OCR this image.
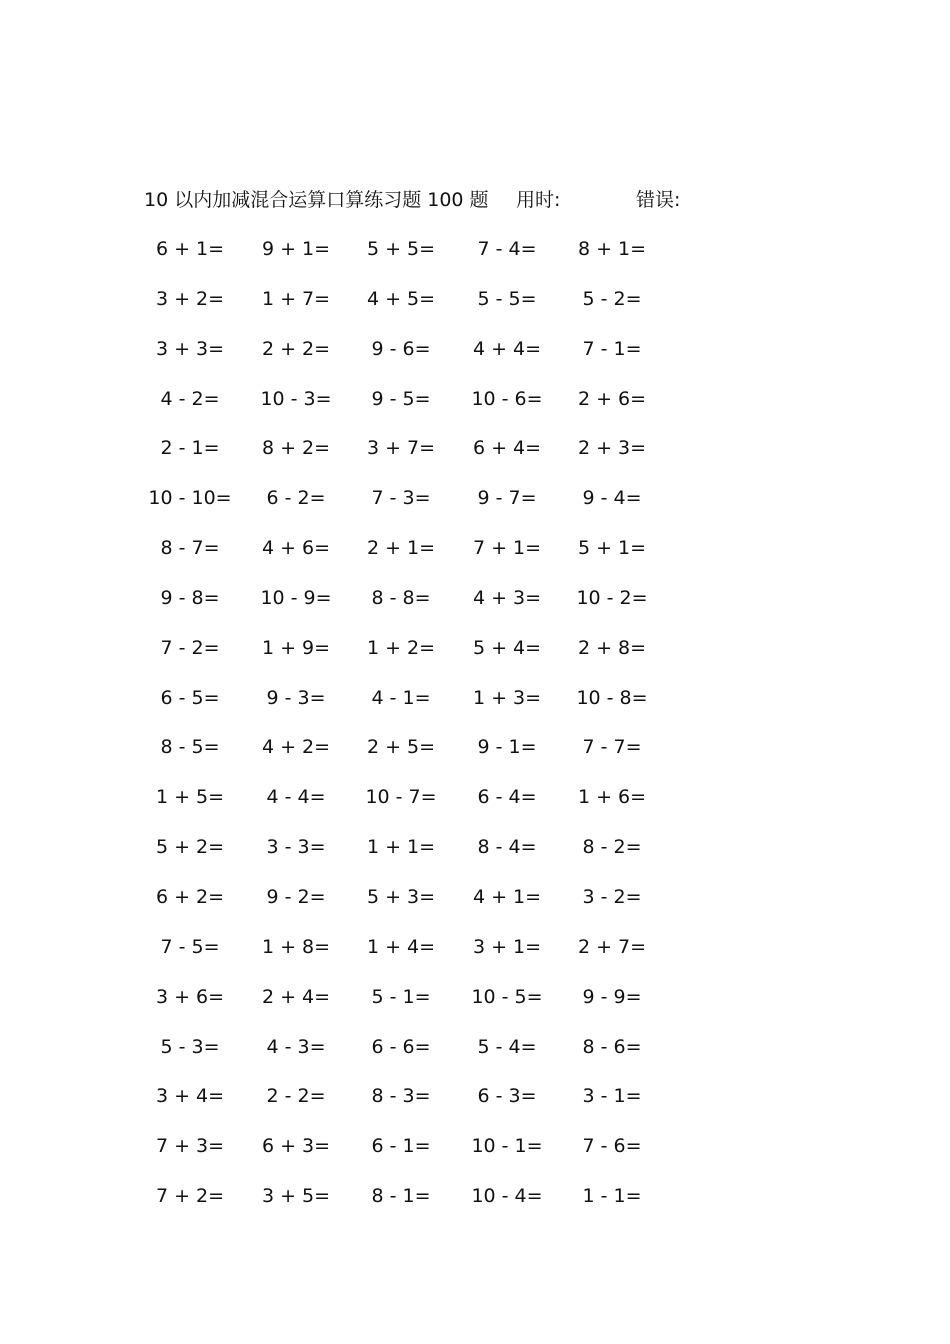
10 以内加减混合运算口算练习题 100 题 用时:	错误:
6 + 1=	9 + 1=	5 + 5=	7 - 4=	8 + 1=
3 + 2=	1 + 7=	4 + 5=	5 - 5=	5 - 2=
3 + 3=	2 + 2=	9 - 6=	4 + 4=	7 - 1=
4 - 2=	10 - 3=	9 - 5=	10 - 6=	2 + 6=
2 - 1=	8 + 2=	3 + 7=	6 + 4=	2 + 3=
10 - 10=	6 - 2=	7 - 3=	9 - 7=	9 - 4=
8 - 7=	4 + 6=	2 + 1=	7 + 1=	5 + 1=
9 - 8=	10 - 9=	8 - 8=	4 + 3=	10 - 2=
7 - 2=	1 + 9=	1 + 2=	5 + 4=	2 + 8=
6 - 5=	9 - 3=	4 - 1=	1 + 3=	10 - 8=
8 - 5=	4 + 2=	2 + 5=	9 - 1=	7 - 7=
1 + 5=	4 - 4=	10 - 7=	6 - 4=	1 + 6=
5 + 2=	3 - 3=	1 + 1=	8 - 4=	8 - 2=
6 + 2=	9 - 2=	5 + 3=	4 + 1=	3 - 2=
7 - 5=	1 + 8=	1 + 4=	3 + 1=	2 + 7=
3 + 6=	2 + 4=	5 - 1=	10 - 5=	9 - 9=
5 - 3=	4 - 3=	6 - 6=	5 - 4=	8 - 6=
3 + 4=	2 - 2=	8 - 3=	6 - 3=	3 - 1=
7 + 3=	6 + 3=	6 - 1=	10 - 1=	7 - 6=
7 + 2=	3 + 5=	8 - 1=	10 - 4=	1 - 1=
